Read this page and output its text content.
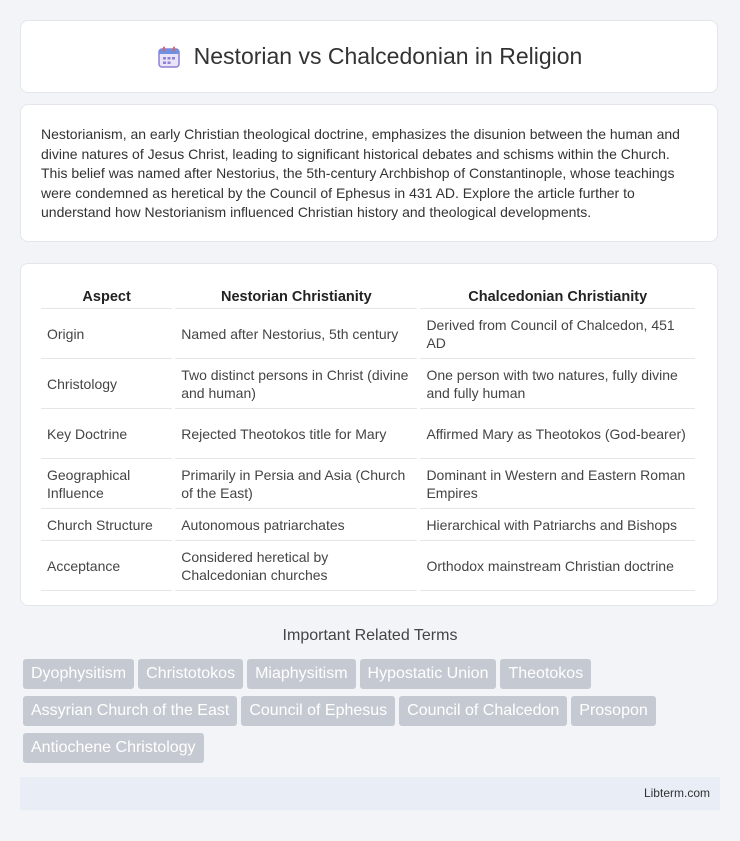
Nestorian vs Chalcedonian in Religion

Nestorianism, an early Christian theological doctrine, emphasizes the disunion between the human and divine natures of Jesus Christ, leading to significant historical debates and schisms within the Church. This belief was named after Nestorius, the 5th-century Archbishop of Constantinople, whose teachings were condemned as heretical by the Council of Ephesus in 431 AD. Explore the article further to understand how Nestorianism influenced Christian history and theological developments.

Aspect	Nestorian Christianity	Chalcedonian Christianity
Origin	Named after Nestorius, 5th century	Derived from Council of Chalcedon, 451 AD
Christology	Two distinct persons in Christ (divine and human)	One person with two natures, fully divine and fully human
Key Doctrine	Rejected Theotokos title for Mary	Affirmed Mary as Theotokos (God-bearer)
Geographical Influence	Primarily in Persia and Asia (Church of the East)	Dominant in Western and Eastern Roman Empires
Church Structure	Autonomous patriarchates	Hierarchical with Patriarchs and Bishops
Acceptance	Considered heretical by Chalcedonian churches	Orthodox mainstream Christian doctrine
Important Related Terms
Dyophysitism Christotokos Miaphysitism Hypostatic Union Theotokos
Assyrian Church of the East Council of Ephesus Council of Chalcedon Prosopon
Antiochene Christology
Libterm.com
